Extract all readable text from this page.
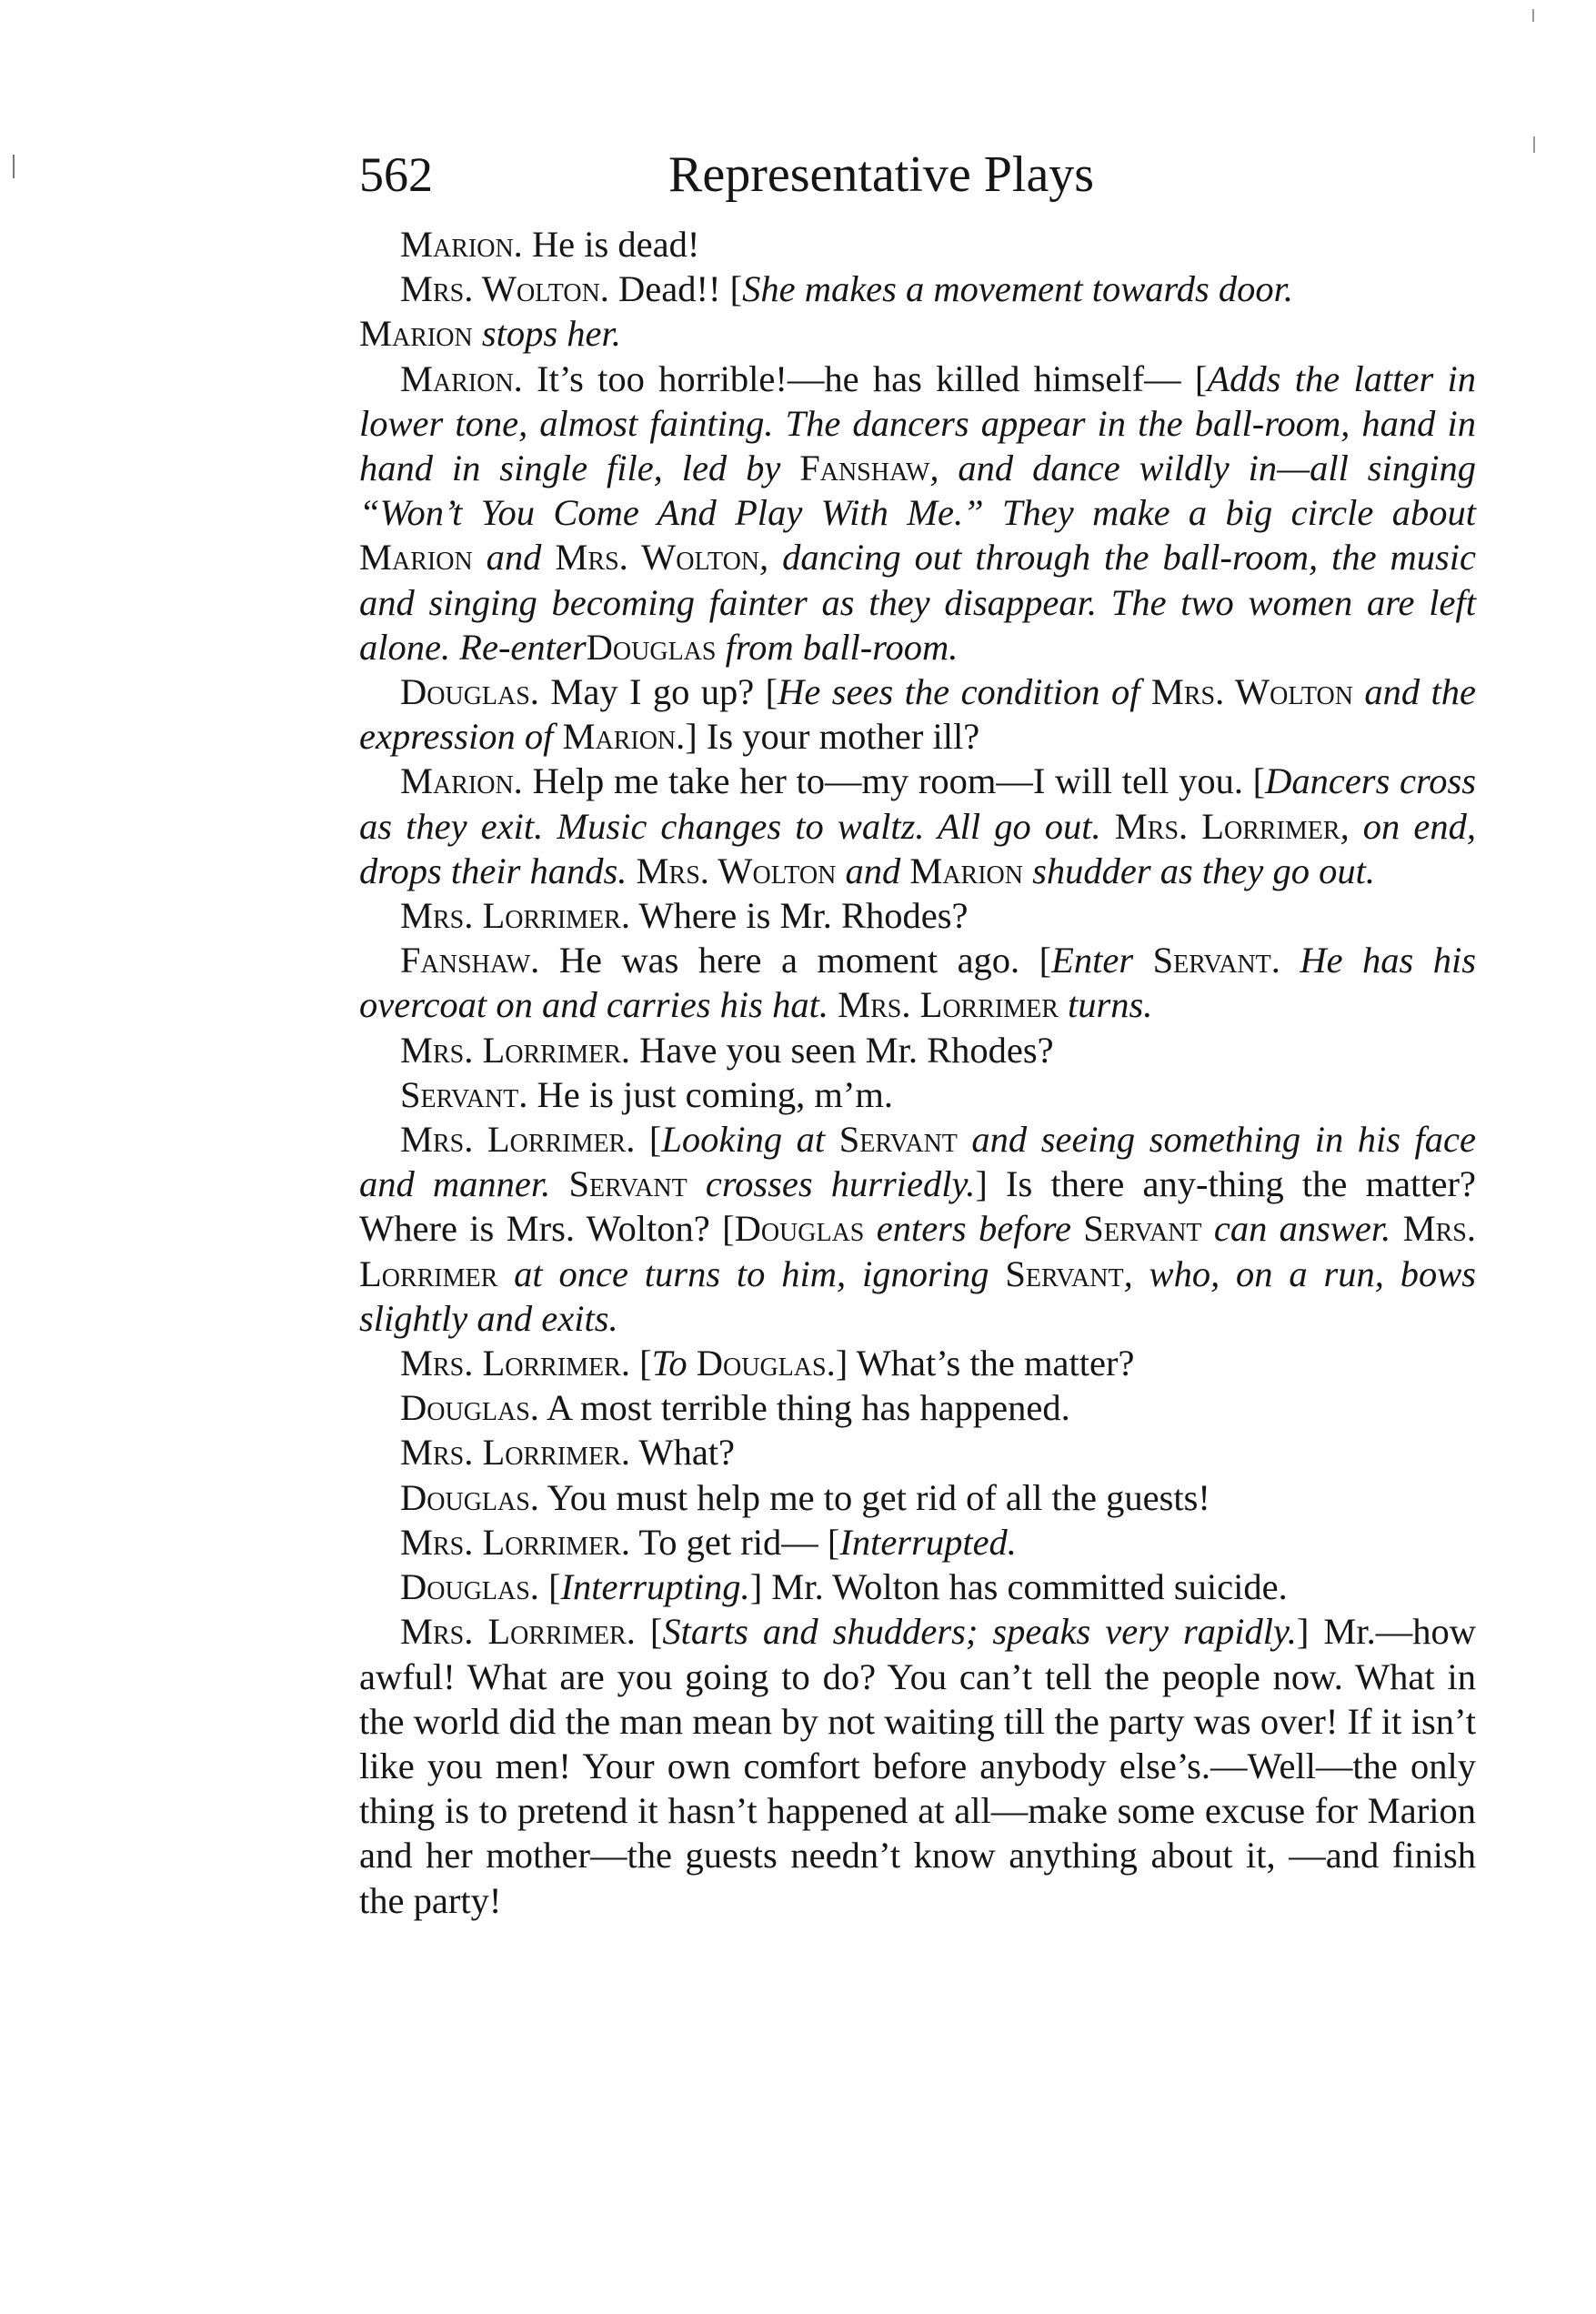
562	Representative Plays

Marion. He is dead!

Mrs. Wolton. Dead!! [She makes a movement towards door.

Marion stops her.

Marion. It’s too horrible!—he has killed himself— [Adds the latter in lower tone, almost fainting. The dancers appear in the ball-room, hand in hand in single file, led by Fanshaw, and dance wildly in—all singing “Won’t You Come And Play With Me.” They make a big circle about Marion and Mrs. Wolton, dancing out through the ball-room, the music and singing becoming fainter as they disappear. The two women are left alone. Re-enterDouglas from ball-room.

Douglas. May I go up? [He sees the condition of Mrs. Wolton and the expression of Marion.] Is your mother ill?

Marion. Help me take her to—my room—I will tell you. [Dancers cross as they exit. Music changes to waltz. All go out. Mrs. Lorrimer, on end, drops their hands. Mrs. Wolton and Marion shudder as they go out.

Mrs. Lorrimer. Where is Mr. Rhodes?

Fanshaw. He was here a moment ago. [Enter Servant. He has his overcoat on and carries his hat. Mrs. Lorrimer turns.

Mrs. Lorrimer. Have you seen Mr. Rhodes?

Servant. He is just coming, m’m.

Mrs. Lorrimer. [Looking at Servant and seeing something in his face and manner. Servant crosses hurriedly.] Is there any-thing the matter? Where is Mrs. Wolton? [Douglas enters before Servant can answer. Mrs. Lorrimer at once turns to him, ignoring Servant, who, on a run, bows slightly and exits.

Mrs. Lorrimer. [To Douglas.] What’s the matter?

Douglas. A most terrible thing has happened.

Mrs. Lorrimer. What?

Douglas. You must help me to get rid of all the guests!

Mrs. Lorrimer. To get rid— [Interrupted.

Douglas. [Interrupting.] Mr. Wolton has committed suicide.

Mrs. Lorrimer. [Starts and shudders; speaks very rapidly.] Mr.—how awful! What are you going to do? You can’t tell the people now. What in the world did the man mean by not waiting till the party was over! If it isn’t like you men! Your own comfort before anybody else’s.—Well—the only thing is to pretend it hasn’t happened at all—make some excuse for Marion and her mother—the guests needn’t know anything about it, —and finish the party!
